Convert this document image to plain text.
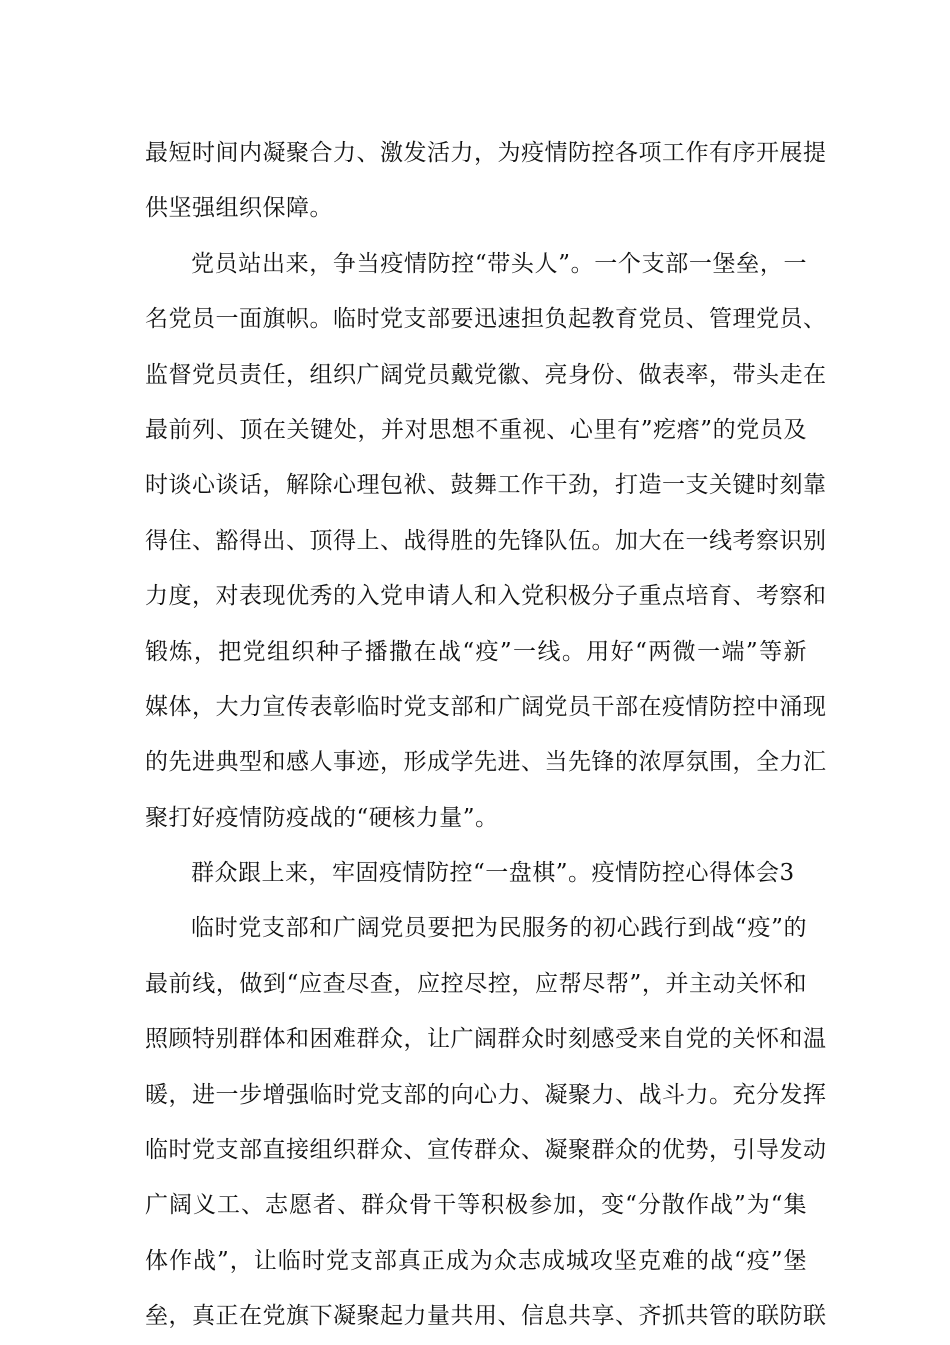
最短时间内凝聚合力、激发活力，为疫情防控各项工作有序开展提
供坚强组织保障。
党员站出来，争当疫情防控“带头人”。一个支部一堡垒，一
名党员一面旗帜。临时党支部要迅速担负起教育党员、管理党员、
监督党员责任，组织广阔党员戴党徽、亮身份、做表率，带头走在
最前列、顶在关键处，并对思想不重视、心里有”疙瘩”的党员及
时谈心谈话，解除心理包袱、鼓舞工作干劲，打造一支关键时刻靠
得住、豁得出、顶得上、战得胜的先锋队伍。加大在一线考察识别
力度，对表现优秀的入党申请人和入党积极分子重点培育、考察和
锻炼，把党组织种子播撒在战“疫”一线。用好“两微一端”等新
媒体，大力宣传表彰临时党支部和广阔党员干部在疫情防控中涌现
的先进典型和感人事迹，形成学先进、当先锋的浓厚氛围，全力汇
聚打好疫情防疫战的“硬核力量”。
群众跟上来，牢固疫情防控“一盘棋”。疫情防控心得体会3
临时党支部和广阔党员要把为民服务的初心践行到战“疫”的
最前线，做到“应查尽查，应控尽控，应帮尽帮”，并主动关怀和
照顾特别群体和困难群众，让广阔群众时刻感受来自党的关怀和温
暖，进一步增强临时党支部的向心力、凝聚力、战斗力。充分发挥
临时党支部直接组织群众、宣传群众、凝聚群众的优势，引导发动
广阔义工、志愿者、群众骨干等积极参加，变“分散作战”为“集
体作战”，让临时党支部真正成为众志成城攻坚克难的战“疫”堡
垒，真正在党旗下凝聚起力量共用、信息共享、齐抓共管的联防联
